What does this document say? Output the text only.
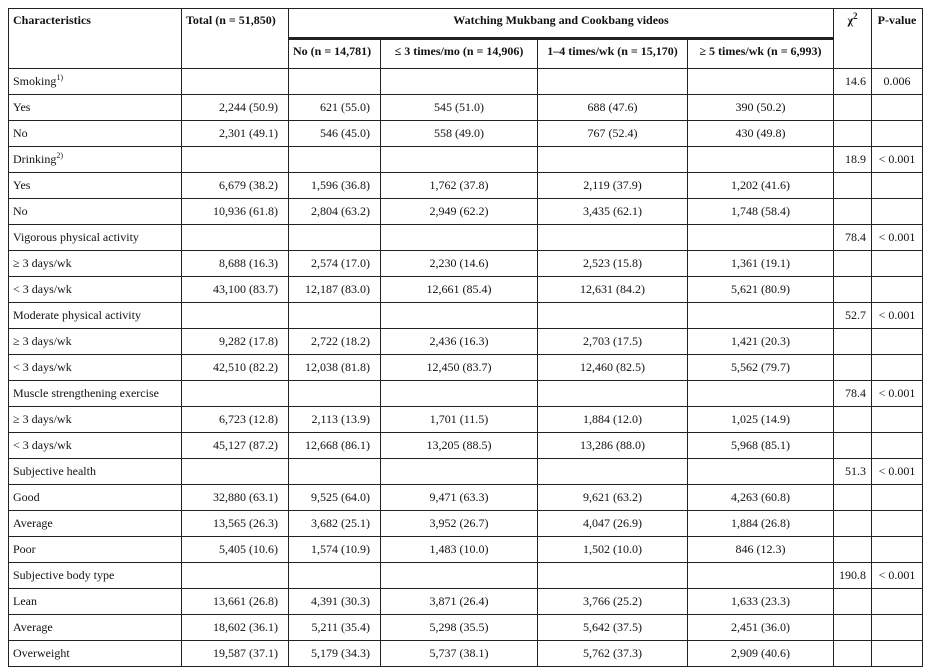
Characteristics	Total (n = 51,850)	Watching Mukbang and Cookbang videos				$\chi^2$	P-value
		No (n = 14,781)	≤ 3 times/mo (n = 14,906)	1–4 times/wk (n = 15,170)	≥ 5 times/wk (n = 6,993)		
Smoking$^{1)}$						14.6	0.006
Yes	2,244 (50.9)	621 (55.0)	545 (51.0)	688 (47.6)	390 (50.2)		
No	2,301 (49.1)	546 (45.0)	558 (49.0)	767 (52.4)	430 (49.8)		
Drinking$^{2)}$						18.9	< 0.001
Yes	6,679 (38.2)	1,596 (36.8)	1,762 (37.8)	2,119 (37.9)	1,202 (41.6)		
No	10,936 (61.8)	2,804 (63.2)	2,949 (62.2)	3,435 (62.1)	1,748 (58.4)		
Vigorous physical activity						78.4	< 0.001
≥ 3 days/wk	8,688 (16.3)	2,574 (17.0)	2,230 (14.6)	2,523 (15.8)	1,361 (19.1)		
< 3 days/wk	43,100 (83.7)	12,187 (83.0)	12,661 (85.4)	12,631 (84.2)	5,621 (80.9)		
Moderate physical activity						52.7	< 0.001
≥ 3 days/wk	9,282 (17.8)	2,722 (18.2)	2,436 (16.3)	2,703 (17.5)	1,421 (20.3)		
< 3 days/wk	42,510 (82.2)	12,038 (81.8)	12,450 (83.7)	12,460 (82.5)	5,562 (79.7)		
Muscle strengthening exercise						78.4	< 0.001
≥ 3 days/wk	6,723 (12.8)	2,113 (13.9)	1,701 (11.5)	1,884 (12.0)	1,025 (14.9)		
< 3 days/wk	45,127 (87.2)	12,668 (86.1)	13,205 (88.5)	13,286 (88.0)	5,968 (85.1)		
Subjective health						51.3	< 0.001
Good	32,880 (63.1)	9,525 (64.0)	9,471 (63.3)	9,621 (63.2)	4,263 (60.8)		
Average	13,565 (26.3)	3,682 (25.1)	3,952 (26.7)	4,047 (26.9)	1,884 (26.8)		
Poor	5,405 (10.6)	1,574 (10.9)	1,483 (10.0)	1,502 (10.0)	846 (12.3)		
Subjective body type						190.8	< 0.001
Lean	13,661 (26.8)	4,391 (30.3)	3,871 (26.4)	3,766 (25.2)	1,633 (23.3)		
Average	18,602 (36.1)	5,211 (35.4)	5,298 (35.5)	5,642 (37.5)	2,451 (36.0)		
Overweight	19,587 (37.1)	5,179 (34.3)	5,737 (38.1)	5,762 (37.3)	2,909 (40.6)		
